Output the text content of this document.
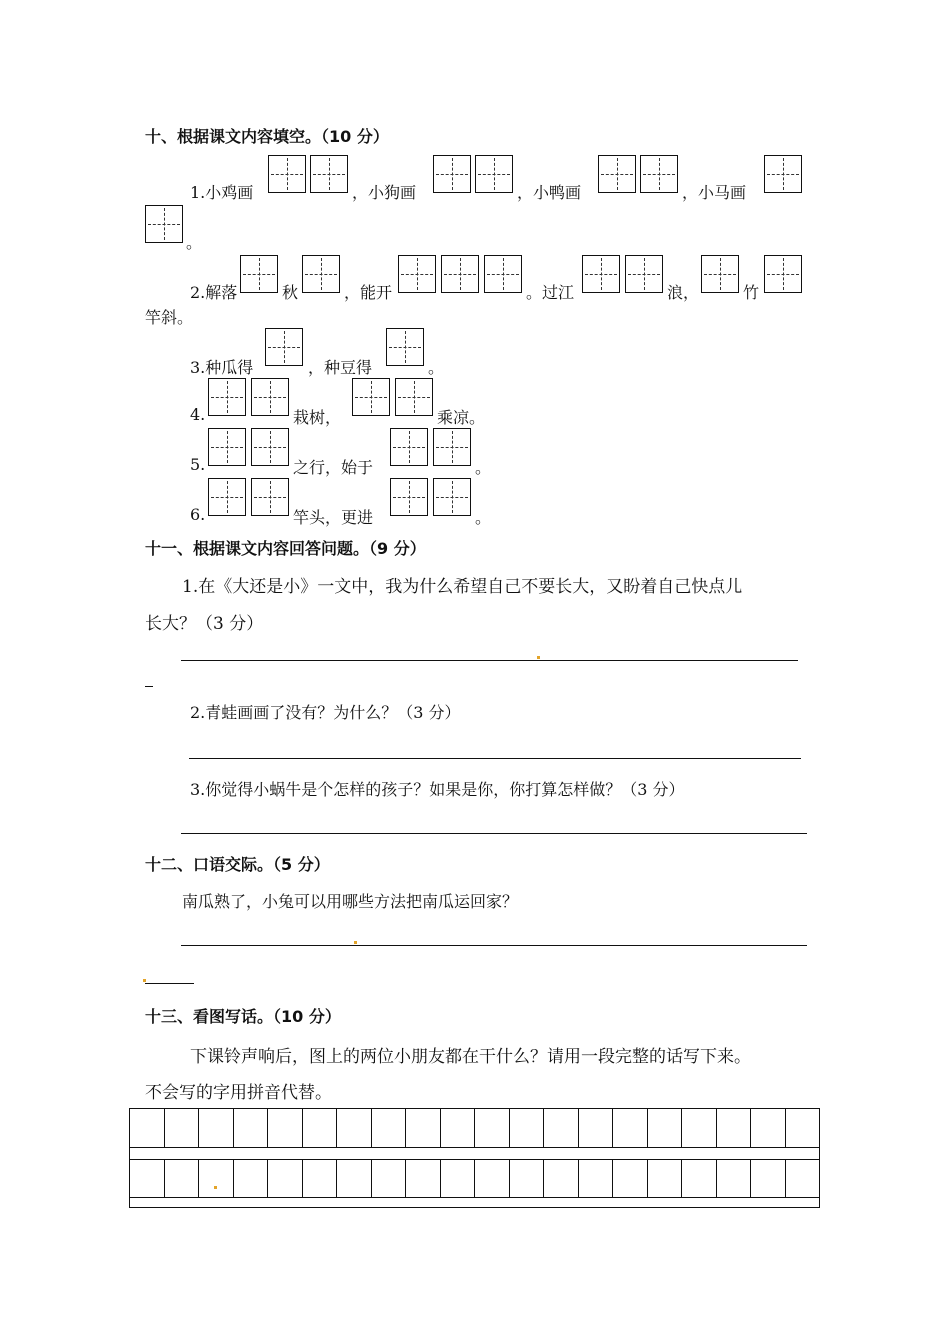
十、根据课文内容填空。（10 分）
1.小鸡画	，小狗画	，小鸭画	，小马画
。
2.解落	秋	，能开	。过江	浪，	竹
竿斜。
3.种瓜得	，种豆得	。
4.	栽树，	乘凉。
5.	之行，始于	。
6.	竿头，更进	。
十一、根据课文内容回答问题。（9 分）
1.在《大还是小》一文中，我为什么希望自己不要长大，又盼着自己快点儿
长大？（3 分）
2.青蛙画画了没有？为什么？（3 分）
3.你觉得小蜗牛是个怎样的孩子？如果是你，你打算怎样做？（3 分）
十二、口语交际。（5 分）
南瓜熟了，小兔可以用哪些方法把南瓜运回家？
十三、看图写话。（10 分）
下课铃声响后，图上的两位小朋友都在干什么？请用一段完整的话写下来。
不会写的字用拼音代替。
